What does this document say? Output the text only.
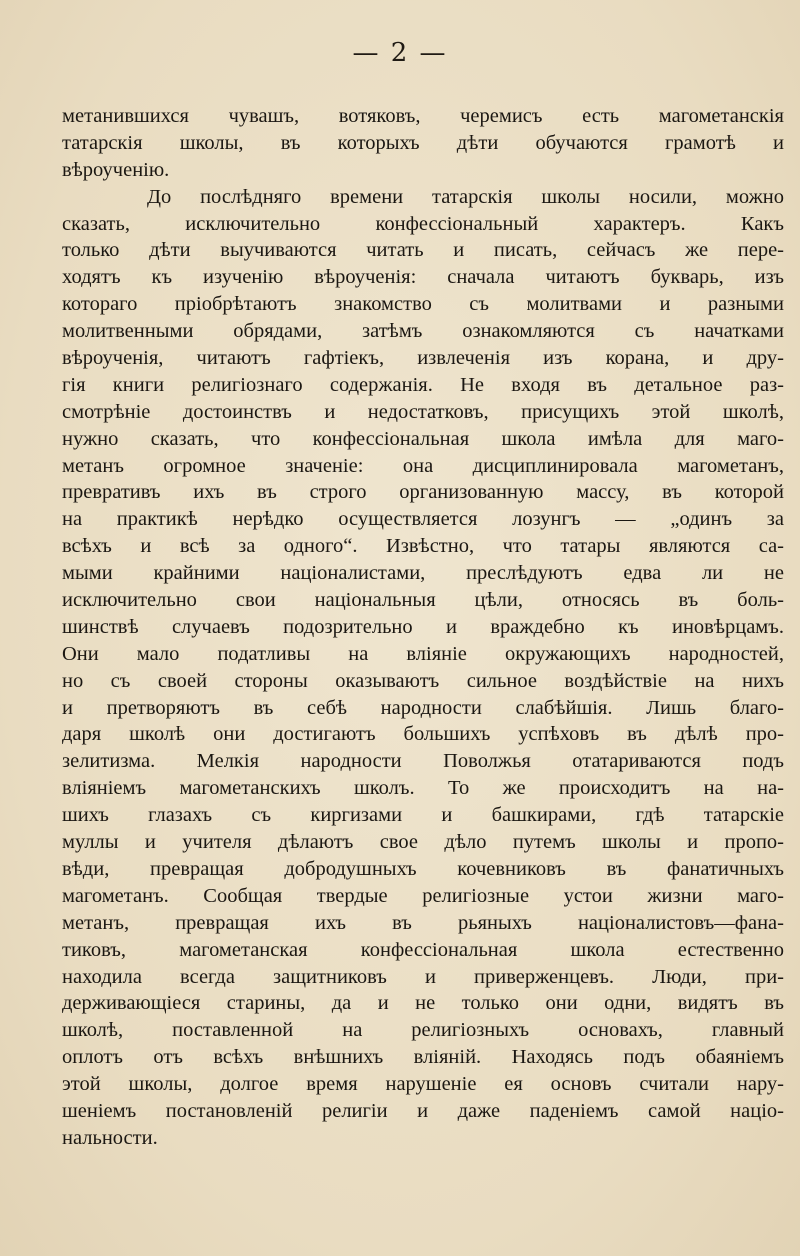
— 2 —
метанившихся чувашъ, вотяковъ, черемисъ есть магометанскія
татарскія школы, въ которыхъ дѣти обучаются грамотѣ и
вѣроученію.
До послѣдняго времени татарскія школы носили, можно
сказать, исключительно конфессіональный характеръ. Какъ
только дѣти выучиваются читать и писать, сейчасъ же пере-
ходятъ къ изученію вѣроученія: сначала читаютъ букварь, изъ
котораго пріобрѣтаютъ знакомство съ молитвами и разными
молитвенными обрядами, затѣмъ ознакомляются съ начатками
вѣроученія, читаютъ гафтіекъ, извлеченія изъ корана, и дру-
гія книги религіознаго содержанія. Не входя въ детальное раз-
смотрѣніе достоинствъ и недостатковъ, присущихъ этой школѣ,
нужно сказать, что конфессіональная школа имѣла для маго-
метанъ огромное значеніе: она дисциплинировала магометанъ,
превративъ ихъ въ строго организованную массу, въ которой
на практикѣ нерѣдко осуществляется лозунгъ — „одинъ за
всѣхъ и всѣ за одного“. Извѣстно, что татары являются са-
мыми крайними націоналистами, преслѣдуютъ едва ли не
исключительно свои національныя цѣли, относясь въ боль-
шинствѣ случаевъ подозрительно и враждебно къ иновѣрцамъ.
Они мало податливы на вліяніе окружающихъ народностей,
но съ своей стороны оказываютъ сильное воздѣйствіе на нихъ
и претворяютъ въ себѣ народности слабѣйшія. Лишь благо-
даря школѣ они достигаютъ большихъ успѣховъ въ дѣлѣ про-
зелитизма. Мелкія народности Поволжья отатариваются подъ
вліяніемъ магометанскихъ школъ. То же происходитъ на на-
шихъ глазахъ съ киргизами и башкирами, гдѣ татарскіе
муллы и учителя дѣлаютъ свое дѣло путемъ школы и пропо-
вѣди, превращая добродушныхъ кочевниковъ въ фанатичныхъ
магометанъ. Сообщая твердые религіозные устои жизни маго-
метанъ, превращая ихъ въ рьяныхъ націоналистовъ—фана-
тиковъ, магометанская конфессіональная школа естественно
находила всегда защитниковъ и приверженцевъ. Люди, при-
держивающіеся старины, да и не только они одни, видятъ въ
школѣ, поставленной на религіозныхъ основахъ, главный
оплотъ отъ всѣхъ внѣшнихъ вліяній. Находясь подъ обаяніемъ
этой школы, долгое время нарушеніе ея основъ считали нару-
шеніемъ постановленій религіи и даже паденіемъ самой націо-
нальности.
